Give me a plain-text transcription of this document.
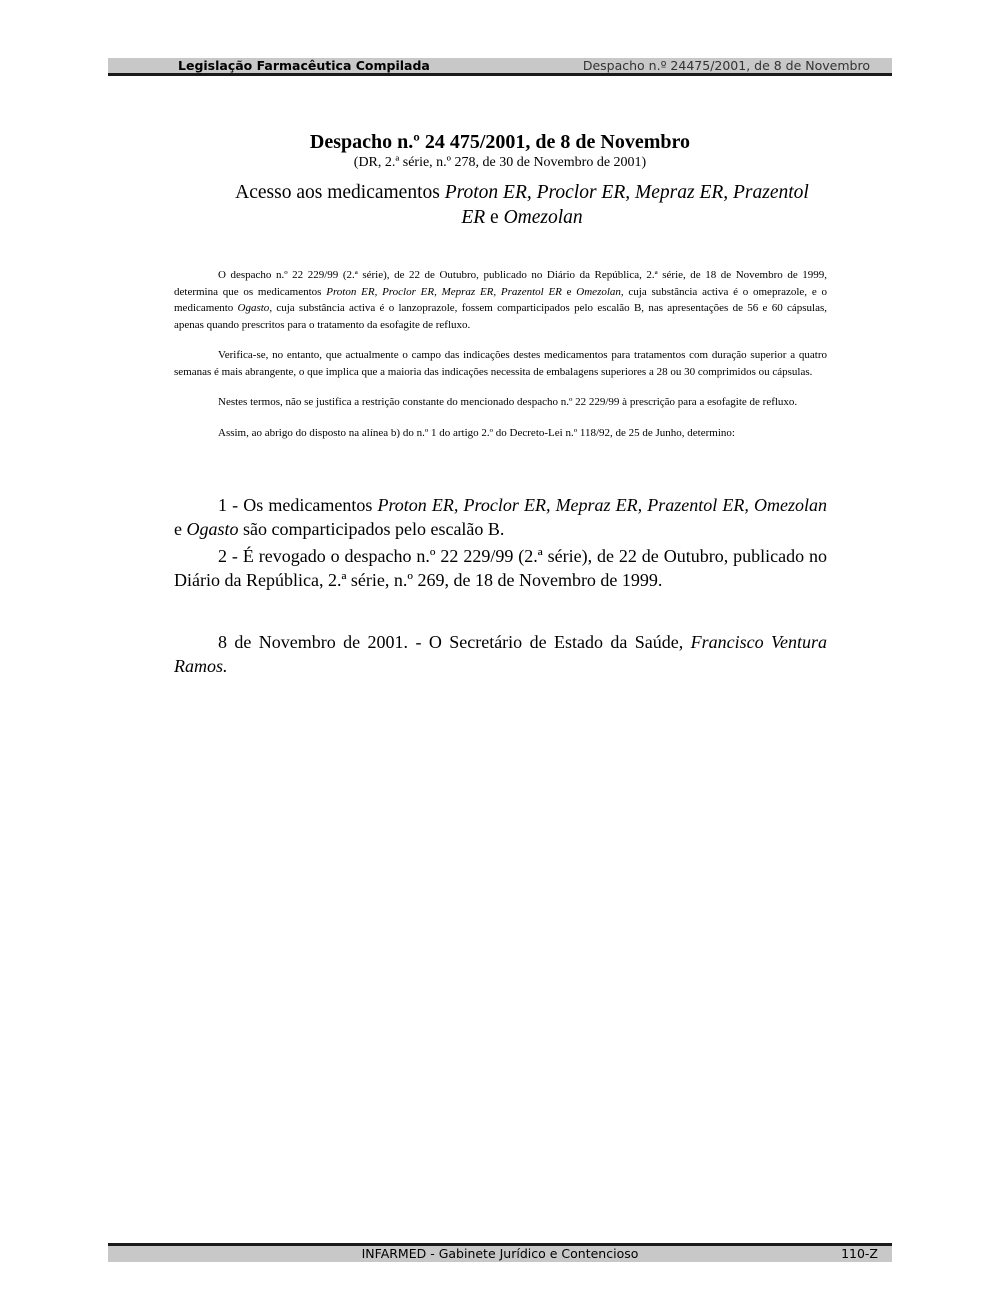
Legislação Farmacêutica Compilada	Despacho n.º 24475/2001, de 8 de Novembro
Despacho n.º 24 475/2001, de 8 de Novembro

(DR, 2.ª série, n.º 278, de 30 de Novembro de 2001)

Acesso aos medicamentos Proton ER, Proclor ER, Mepraz ER, Prazentol ER e Omezolan

O despacho n.º 22 229/99 (2.ª série), de 22 de Outubro, publicado no Diário da República, 2.ª série, de 18 de Novembro de 1999, determina que os medicamentos Proton ER, Proclor ER, Mepraz ER, Prazentol ER e Omezolan, cuja substância activa é o omeprazole, e o medicamento Ogasto, cuja substância activa é o lanzoprazole, fossem comparticipados pelo escalão B, nas apresentações de 56 e 60 cápsulas, apenas quando prescritos para o tratamento da esofagite de refluxo.

Verifica-se, no entanto, que actualmente o campo das indicações destes medicamentos para tratamentos com duração superior a quatro semanas é mais abrangente, o que implica que a maioria das indicações necessita de embalagens superiores a 28 ou 30 comprimidos ou cápsulas.

Nestes termos, não se justifica a restrição constante do mencionado despacho n.º 22 229/99 à prescrição para a esofagite de refluxo.

Assim, ao abrigo do disposto na alínea b) do n.º 1 do artigo 2.º do Decreto-Lei n.º 118/92, de 25 de Junho, determino:

1 - Os medicamentos Proton ER, Proclor ER, Mepraz ER, Prazentol ER, Omezolan e Ogasto são comparticipados pelo escalão B.

2 - É revogado o despacho n.º 22 229/99 (2.ª série), de 22 de Outubro, publicado no Diário da República, 2.ª série, n.º 269, de 18 de Novembro de 1999.

8 de Novembro de 2001. - O Secretário de Estado da Saúde, Francisco Ventura Ramos.

INFARMED - Gabinete Jurídico e Contencioso	110-Z
